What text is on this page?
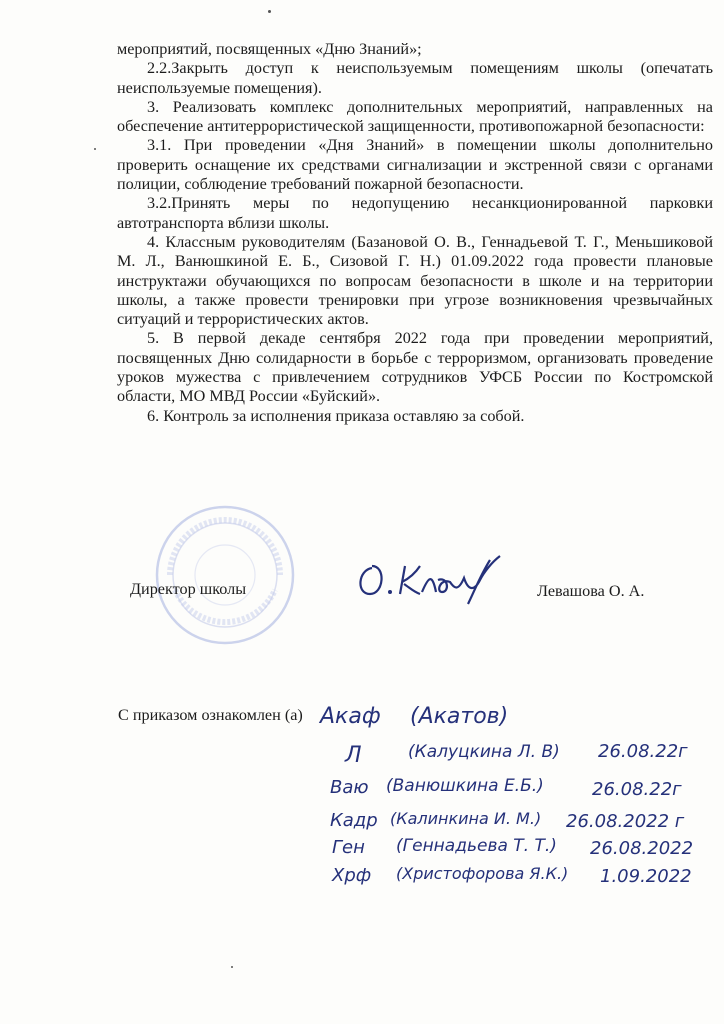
мероприятий, посвященных «Дню Знаний»;

2.2.Закрыть доступ к неиспользуемым помещениям школы (опечатать неиспользуемые помещения).

3. Реализовать комплекс дополнительных мероприятий, направленных на обеспечение антитеррористической защищенности, противопожарной безопасности:

3.1. При проведении «Дня Знаний» в помещении школы дополнительно проверить оснащение их средствами сигнализации и экстренной связи с органами полиции, соблюдение требований пожарной безопасности.

3.2.Принять меры по недопущению несанкционированной парковки автотранспорта вблизи школы.

4. Классным руководителям (Базановой О. В., Геннадьевой Т. Г., Меньшиковой М. Л., Ванюшкиной Е. Б., Сизовой Г. Н.) 01.09.2022 года провести плановые инструктажи обучающихся по вопросам безопасности в школе и на территории школы, а также провести тренировки при угрозе возникновения чрезвычайных ситуаций и террористических актов.

5. В первой декаде сентября 2022 года при проведении мероприятий, посвященных Дню солидарности в борьбе с терроризмом, организовать проведение уроков мужества с привлечением сотрудников УФСБ России по Костромской области, МО МВД России «Буйский».

6. Контроль за исполнения приказа оставляю за собой.

Директор школы	Левашова О. А.
С приказом ознакомлен (а) Акаф (Акатов)
Л	(Калуцкина Л. В) 26.08.22г
Ваю (Ванюшкина Е.Б.)	26.08.22г
Кадр (Калинкина И. М.) 26.08.2022 г
Ген (Геннадьева Т. Т.) 26.08.2022
Хрф (Христофорова Я.К.) 1.09.2022
